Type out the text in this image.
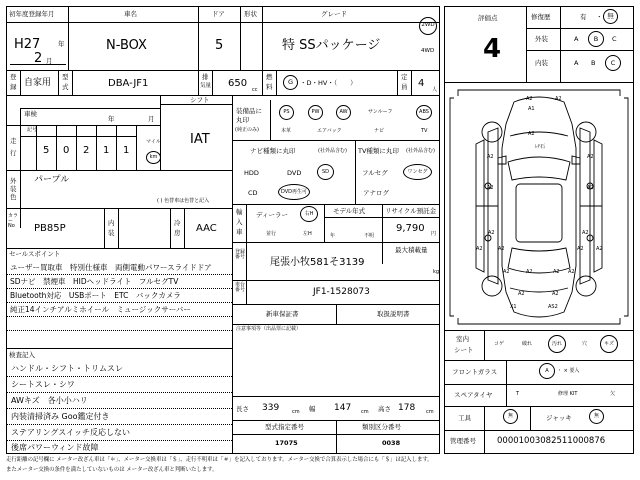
初年度登録年月
H27	年
2 月
車名
N-BOX
ドア
5
形状	グレード
特 SSパッケージ
2WD
4WD
登
録 自家用
型
式	DBA-JF1
排
気量 650
cc
燃
料
G	・D・HV・（　　）
定
員 4
人
車検
年	月
シフト
IAT
走
行
記号
5 0 2 1 1
マイル
km
外
装
色
パープル
( ) 色替車は色替と記入
カラー No	PB85P	内
装
冷
房 AAC
セールスポイント
ユーザー買取車　特別仕様車　両側電動パワースライドドア
SDナビ　禁煙車　HIDヘッドライト　フルセグTV
Bluetooth対応　USBポート　ETC　バックカメラ
純正14インチアルミホイール　ミュージックサーバー
検査記入
ハンドル・シフト・トリムスレ
シートスレ・シワ
AWキズ　各小小ハリ
内装清掃済み Goo鑑定付き
ステアリングスイッチ反応しない
後席パワーウィンド故障
装備品に
丸印
(純正のみ)
PS	PW	AW	サンルーフ	ABS
本革	エアバック	ナビ	TV
ナビ種類に丸印	(社外品含む) TV種類に丸印 (社外品含む)
HDD	DVD	SD	フルセグ	ワンセグ
CD	DVD再生可	アナログ
輸
入
車
ディーラー	右H
並行	左H
モデル年式
年	不明
リサイクル預託金
9,790 円
最大積載量
登録番号 尾張小牧581そ3139
kg
車台番号	JF1-1528073
新車保証書	取扱説明書
注意事項等（出品票に記載）
長さ 339	cm 幅 147 cm 高さ 178 cm
型式指定番号	類別区分番号
17075	0038
評価点
4
修復歴	有 ・ 無
外装	A	B	C
内装	A B	C
A2	A2
A1
A2
A2	A2
A2	A2
A2	A2
A2	A2	A2 A2
A2	A2	A2 A2
A2	A2
X1	AS2
ﾚﾁ石
室内
シート
コゲ	破れ	汚れ	穴	キズ
フロントガラス	A	・ × 要入
スペアタイヤ	T	修理 KIT	欠
工具	無	ジャッキ	無
管理番号 00001003082511000876
走行距離の記号欄に メーター改ざん車は「＊」、メーター交換車は「＄」、走行不明車は「＃」を記入しております。メーター交換で合算表示した場合にも「＄」は記入します。
またメーター交換の条件を満たしていないものは メーター改ざん車と判断いたします。
